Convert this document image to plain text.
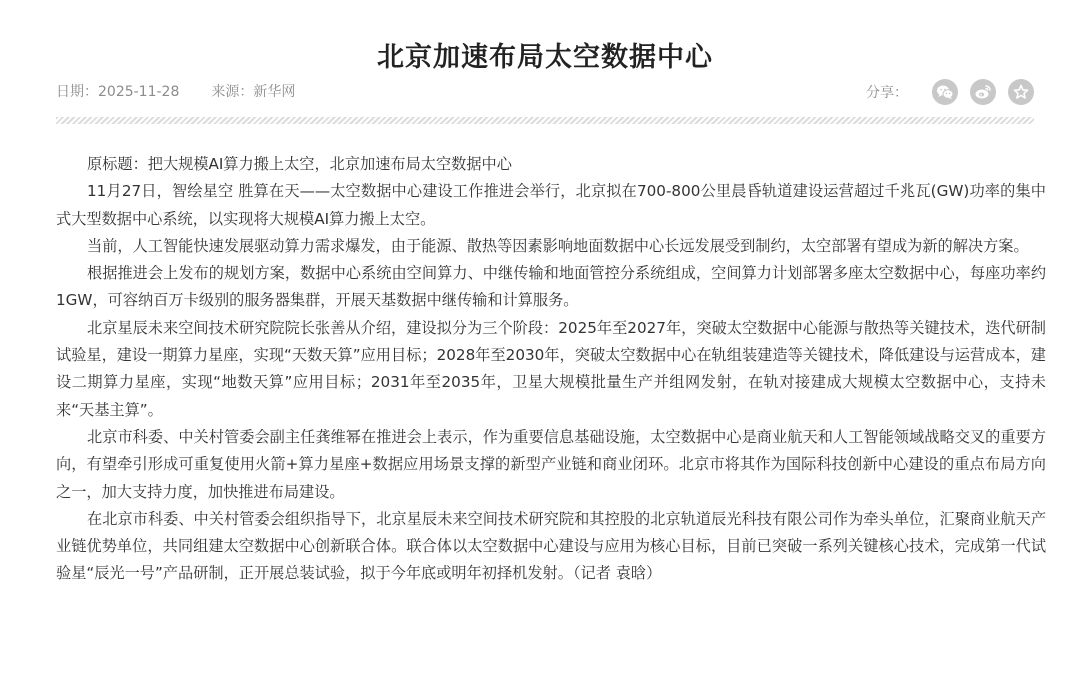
北京加速布局太空数据中心
日期：2025-11-28 来源：新华网	分享：

原标题：把大规模AI算力搬上太空，北京加速布局太空数据中心

11月27日，智绘星空 胜算在天——太空数据中心建设工作推进会举行，北京拟在700-800公里晨昏轨道建设运营超过千兆瓦(GW)功率的集中式大型数据中心系统，以实现将大规模AI算力搬上太空。

当前，人工智能快速发展驱动算力需求爆发，由于能源、散热等因素影响地面数据中心长远发展受到制约，太空部署有望成为新的解决方案。

根据推进会上发布的规划方案，数据中心系统由空间算力、中继传输和地面管控分系统组成，空间算力计划部署多座太空数据中心，每座功率约1GW，可容纳百万卡级别的服务器集群，开展天基数据中继传输和计算服务。

北京星辰未来空间技术研究院院长张善从介绍，建设拟分为三个阶段：2025年至2027年，突破太空数据中心能源与散热等关键技术，迭代研制试验星，建设一期算力星座，实现“天数天算”应用目标；2028年至2030年，突破太空数据中心在轨组装建造等关键技术，降低建设与运营成本，建设二期算力星座，实现“地数天算”应用目标；2031年至2035年，卫星大规模批量生产并组网发射，在轨对接建成大规模太空数据中心，支持未来“天基主算”。

北京市科委、中关村管委会副主任龚维幂在推进会上表示，作为重要信息基础设施，太空数据中心是商业航天和人工智能领域战略交叉的重要方向，有望牵引形成可重复使用火箭+算力星座+数据应用场景支撑的新型产业链和商业闭环。北京市将其作为国际科技创新中心建设的重点布局方向之一，加大支持力度，加快推进布局建设。

在北京市科委、中关村管委会组织指导下，北京星辰未来空间技术研究院和其控股的北京轨道辰光科技有限公司作为牵头单位，汇聚商业航天产业链优势单位，共同组建太空数据中心创新联合体。联合体以太空数据中心建设与应用为核心目标，目前已突破一系列关键核心技术，完成第一代试验星“辰光一号”产品研制，正开展总装试验，拟于今年底或明年初择机发射。（记者 袁晗）
